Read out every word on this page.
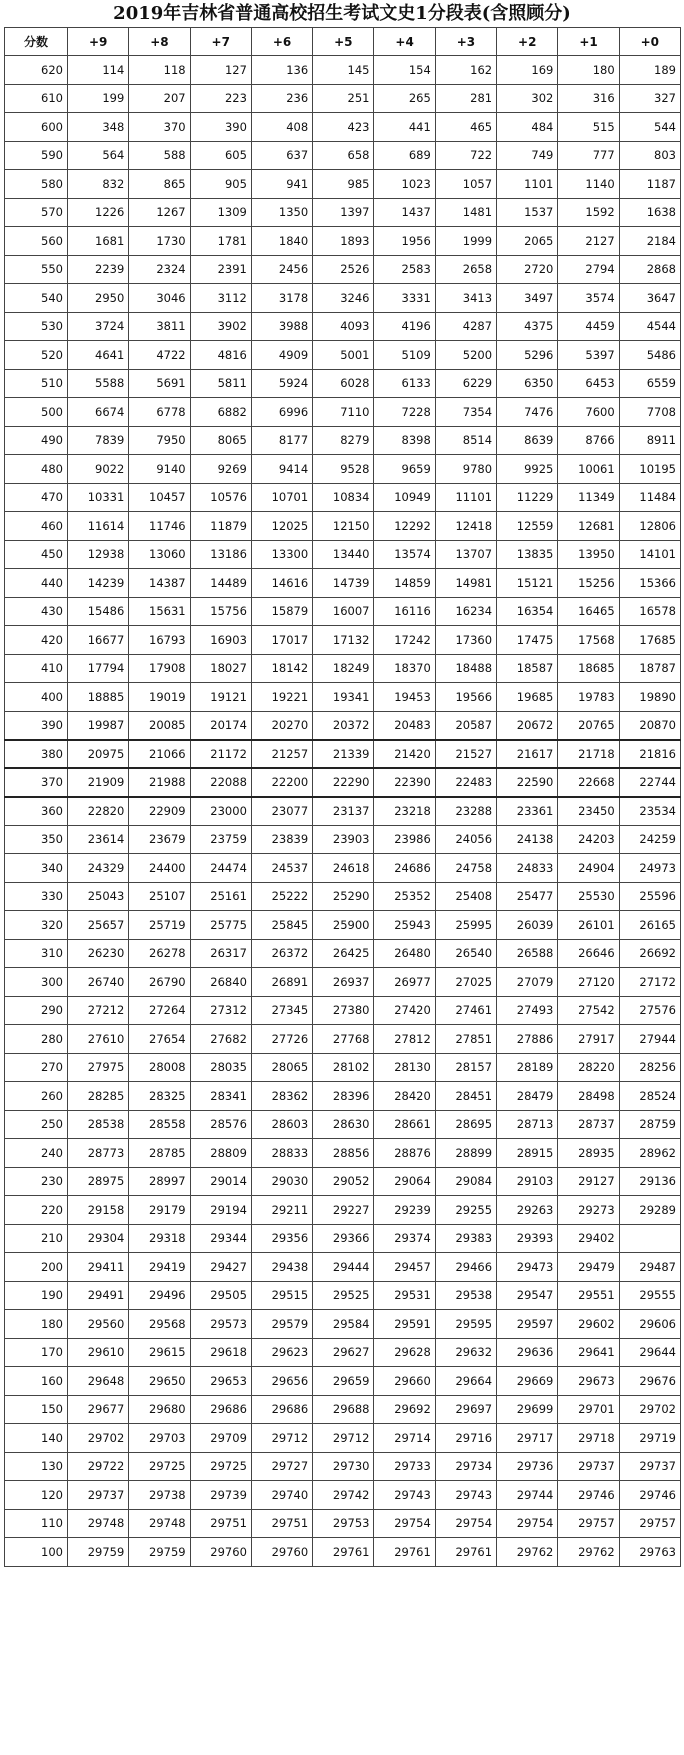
2019年吉林省普通高校招生考试文史1分段表(含照顾分)
分数	+9	+8	+7	+6	+5	+4	+3	+2	+1	+0
620	114	118	127	136	145	154	162	169	180	189
610	199	207	223	236	251	265	281	302	316	327
600	348	370	390	408	423	441	465	484	515	544
590	564	588	605	637	658	689	722	749	777	803
580	832	865	905	941	985	1023	1057	1101	1140	1187
570	1226	1267	1309	1350	1397	1437	1481	1537	1592	1638
560	1681	1730	1781	1840	1893	1956	1999	2065	2127	2184
550	2239	2324	2391	2456	2526	2583	2658	2720	2794	2868
540	2950	3046	3112	3178	3246	3331	3413	3497	3574	3647
530	3724	3811	3902	3988	4093	4196	4287	4375	4459	4544
520	4641	4722	4816	4909	5001	5109	5200	5296	5397	5486
510	5588	5691	5811	5924	6028	6133	6229	6350	6453	6559
500	6674	6778	6882	6996	7110	7228	7354	7476	7600	7708
490	7839	7950	8065	8177	8279	8398	8514	8639	8766	8911
480	9022	9140	9269	9414	9528	9659	9780	9925	10061	10195
470	10331	10457	10576	10701	10834	10949	11101	11229	11349	11484
460	11614	11746	11879	12025	12150	12292	12418	12559	12681	12806
450	12938	13060	13186	13300	13440	13574	13707	13835	13950	14101
440	14239	14387	14489	14616	14739	14859	14981	15121	15256	15366
430	15486	15631	15756	15879	16007	16116	16234	16354	16465	16578
420	16677	16793	16903	17017	17132	17242	17360	17475	17568	17685
410	17794	17908	18027	18142	18249	18370	18488	18587	18685	18787
400	18885	19019	19121	19221	19341	19453	19566	19685	19783	19890
390	19987	20085	20174	20270	20372	20483	20587	20672	20765	20870
380	20975	21066	21172	21257	21339	21420	21527	21617	21718	21816
370	21909	21988	22088	22200	22290	22390	22483	22590	22668	22744
360	22820	22909	23000	23077	23137	23218	23288	23361	23450	23534
350	23614	23679	23759	23839	23903	23986	24056	24138	24203	24259
340	24329	24400	24474	24537	24618	24686	24758	24833	24904	24973
330	25043	25107	25161	25222	25290	25352	25408	25477	25530	25596
320	25657	25719	25775	25845	25900	25943	25995	26039	26101	26165
310	26230	26278	26317	26372	26425	26480	26540	26588	26646	26692
300	26740	26790	26840	26891	26937	26977	27025	27079	27120	27172
290	27212	27264	27312	27345	27380	27420	27461	27493	27542	27576
280	27610	27654	27682	27726	27768	27812	27851	27886	27917	27944
270	27975	28008	28035	28065	28102	28130	28157	28189	28220	28256
260	28285	28325	28341	28362	28396	28420	28451	28479	28498	28524
250	28538	28558	28576	28603	28630	28661	28695	28713	28737	28759
240	28773	28785	28809	28833	28856	28876	28899	28915	28935	28962
230	28975	28997	29014	29030	29052	29064	29084	29103	29127	29136
220	29158	29179	29194	29211	29227	29239	29255	29263	29273	29289
210	29304	29318	29344	29356	29366	29374	29383	29393	29402	
200	29411	29419	29427	29438	29444	29457	29466	29473	29479	29487
190	29491	29496	29505	29515	29525	29531	29538	29547	29551	29555
180	29560	29568	29573	29579	29584	29591	29595	29597	29602	29606
170	29610	29615	29618	29623	29627	29628	29632	29636	29641	29644
160	29648	29650	29653	29656	29659	29660	29664	29669	29673	29676
150	29677	29680	29686	29686	29688	29692	29697	29699	29701	29702
140	29702	29703	29709	29712	29712	29714	29716	29717	29718	29719
130	29722	29725	29725	29727	29730	29733	29734	29736	29737	29737
120	29737	29738	29739	29740	29742	29743	29743	29744	29746	29746
110	29748	29748	29751	29751	29753	29754	29754	29754	29757	29757
100	29759	29759	29760	29760	29761	29761	29761	29762	29762	29763
